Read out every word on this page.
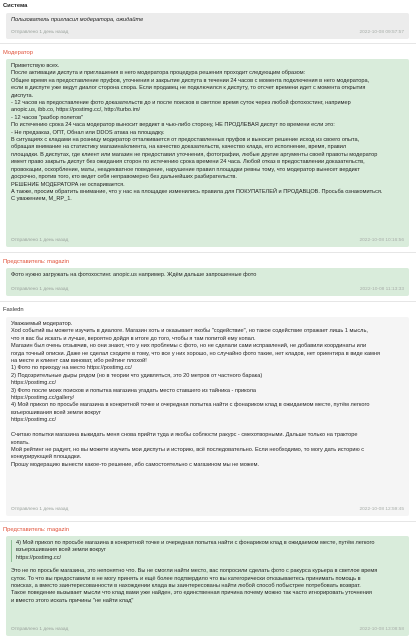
Система
Пользователь пригласил модератора, ожидайте
Отправлено 1 день назад	2022-10-08 09:57:57
Модератор
Приветствую всех.
После активации диспута и приглашения в него модератора процедура решения проходит следующим образом:
Общее время на предоставление пруфов, уточнения и закрытие диспута в течении 24 часов с момента подключения в него модератора,
если в диспуте уже ведут диалог сторона спора. Если продавец не подключился к диспуту, то отсчет времени идет с момента открытия
диспута.
- 12 часов на предоставление фото доказательств до и после поисков в светлое время суток через любой фотохостинг, например
anopic.us, ibb.co, https://postimg.cc/, http://turbo.im/
- 12 часов "разбор полетов"
По истечению срока 24 часа модератор выносит вердикт в чью-либо сторону, НЕ ПРОДЛЕВАЯ диспут по времени если это:
- Не предзаказ, ОПТ, Обнал или DDOS атака на площадку.
В ситуациях с кладами на розницу модератор отталкивается от предоставленных пруфов и выносит решение исход из своего опыта,
обращая внимание на статистику магазина/клиента, на качество доказательств, качество клада, его исполнение, время, правил
площадки. В диспутах, где клиент или магазин не предоставил уточнения, фотографии, любые другие аргументы своей правоты модератор
имеет право закрыть диспут без ожидания сторон по истечению срока времени 24 часа. Любой отказ в предоставлении доказательств,
провокации, оскорбление, маты, неадекватное поведение, нарушение правил площадки ревны тому, что модератор вынесет вердикт
досрочно, против того, кто ведет себя неправомерно без дальнейших разбирательств.
РЕШЕНИЕ МОДЕРАТОРА не оспаривается.
А также, просим обратить внимание, что у нас на площадке изменились правила для ПОКУПАТЕЛЕЙ и ПРОДАВЦОВ. Просьба ознакомиться.
С уважением, M_RP_1.
Отправлено 1 день назад	2022-10-08 10:16:56
Представитель: magazin
Фото нужно загружать на фотохостинг. anopic.us например. Ждём дальше запрошенные фото
Отправлено 1 день назад	2022-10-08 11:13:33
Fasledn
Уважаемый модератор.
Хоd событий вы можете изучить в диалоге. Магазин хоть и оказывает якобы "содействие", но такое содействие отражает лишь 1 мысль,
что я вас бы искать и лучше, вероятно дойдя в итоге до того, чтобы я там попитой ему копал.
Магазин был очень отзывчив, но они знают, что у них проблемы с фото, но не сделали сами исправлений, не добавили координаты или
гогда точный описки. Даже не сделал сходите в тому, что все у них хорошо, но случайно фото такие, нет кладов, нет ориентира в виде камня
на месте и клиент сам виноват, ибо рейтинг плохой!
1) Фото по приходу на место https://postimg.cc/
2) Подозрительные дыры рядом (но в теории что удивляться, это 20 метров от частного барака)
https://postimg.cc/
3) Фото после моих поисков и попытка магазина угадать место ставшего из тайника - прикола
https://postimg.cc/gallery/
4) Мой прикол по просьбе магазина в конкретной точке и очередная попытка найти с фонариком клад в ожидаемом месте, путём легкого
взъерошивания всей земли вокруг
https://postimg.cc/

Считаю попытки магазина выкидать меня снова прийти туда и якобы соблюсти ракурс - смехотворными. Дальше только на тракторе
копать.
Мой рейтинг не радует, но вы можете изучить мои диспуты и историю, всё последовательно. Если необходимо, то могу дать историю с
конкурирующей площадки.
Прошу модерацию вынести какое-то решение, ибо самостоятельно с магазином мы не можем.
Отправлено 1 день назад	2022-10-08 12:59:45
Представитель: magazin
4) Мой прикол по просьбе магазина в конкретной точке и очередная попытка найти с фонариком клад в ожидаемом месте, путём легкого
взъерошивания всей земли вокруг
https://postimg.cc/
Это не по просьбе магазина, это непонятно что. Вы не смогли найти место, вас попросили сделать фото с ракурса курьера в светлое время
суток. То что вы предоставили в не могу принять и ещё более подтвердило что вы категорически отказываетесь принимать помощь в
поисках, а вместо заинтересованности в нахождении клада вы заинтересованы найти любой способ побыстрее потребовать возврат.
Такое поведение вызывает мысли что клад вами уже найден, это единственная причина почему можно так часто игнорировать уточнения
и вместо этого искать причины "не найти клад"
Отправлено 1 день назад	2022-10-08 13:08:58
